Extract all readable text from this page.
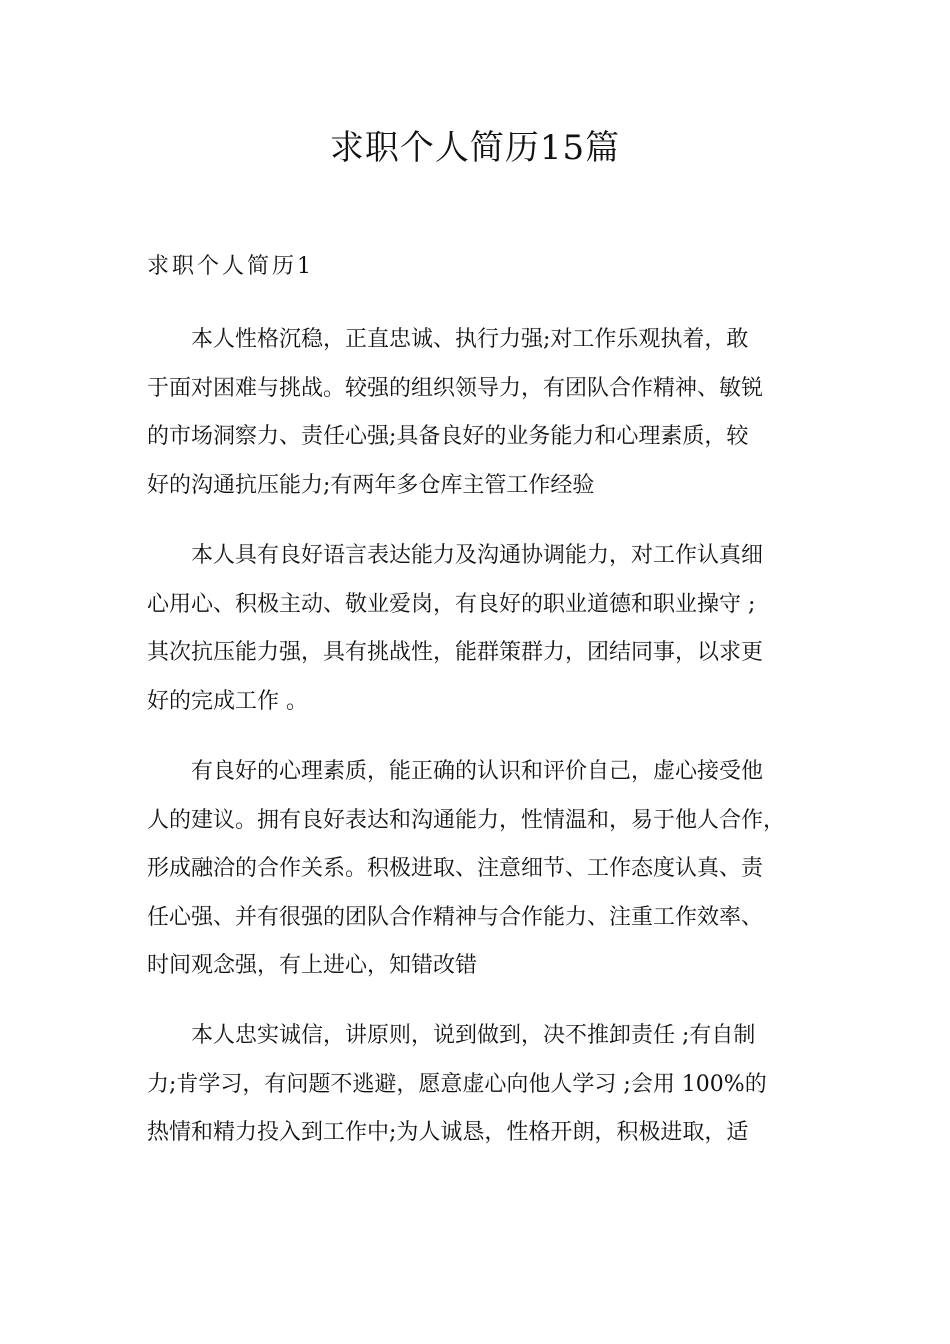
求职个人简历15篇
求职个人简历1
本人性格沉稳，正直忠诚、执行力强;对工作乐观执着，敢
于面对困难与挑战。较强的组织领导力，有团队合作精神、敏锐
的市场洞察力、责任心强;具备良好的业务能力和心理素质，较
好的沟通抗压能力;有两年多仓库主管工作经验
本人具有良好语言表达能力及沟通协调能力，对工作认真细
心用心、积极主动、敬业爱岗，有良好的职业道德和职业操守 ;
其次抗压能力强，具有挑战性，能群策群力，团结同事，以求更
好的完成工作 。
有良好的心理素质，能正确的认识和评价自己，虚心接受他
人的建议。拥有良好表达和沟通能力，性情温和，易于他人合作，
形成融洽的合作关系。积极进取、注意细节、工作态度认真、责
任心强、并有很强的团队合作精神与合作能力、注重工作效率、
时间观念强，有上进心，知错改错
本人忠实诚信，讲原则，说到做到，决不推卸责任 ;有自制
力;肯学习，有问题不逃避，愿意虚心向他人学习 ;会用 100%的
热情和精力投入到工作中;为人诚恳，性格开朗，积极进取，适
